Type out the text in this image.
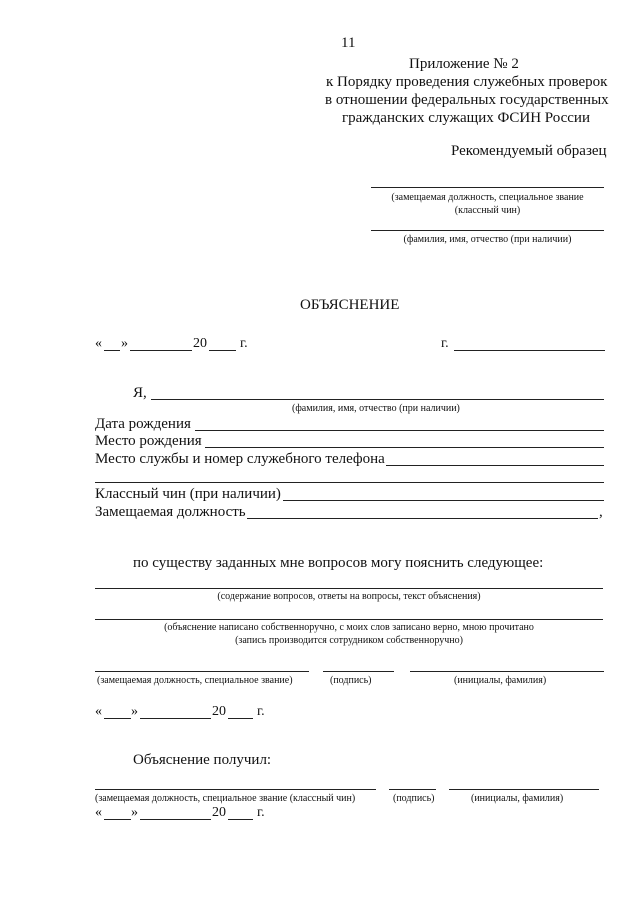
11
Приложение № 2
к Порядку проведения служебных проверок
в отношении федеральных государственных
гражданских служащих ФСИН России
Рекомендуемый образец
(замещаемая должность, специальное звание
(классный чин)
(фамилия, имя, отчество (при наличии)
ОБЪЯСНЕНИЕ
« »	20 г.	г.
Я,
(фамилия, имя, отчество (при наличии)
Дата рождения
Место рождения
Место службы и номер служебного телефона
Классный чин (при наличии)
Замещаемая должность	,
по существу заданных мне вопросов могу пояснить следующее:
(содержание вопросов, ответы на вопросы, текст объяснения)
(объяснение написано собственноручно, с моих слов записано верно, мною прочитано
(запись производится сотрудником собственноручно)
(замещаемая должность, специальное звание)	(подпись)	(инициалы, фамилия)
« »	20 г.
Объяснение получил:
(замещаемая должность, специальное звание (классный чин)	(подпись)	(инициалы, фамилия)
« »	20 г.
